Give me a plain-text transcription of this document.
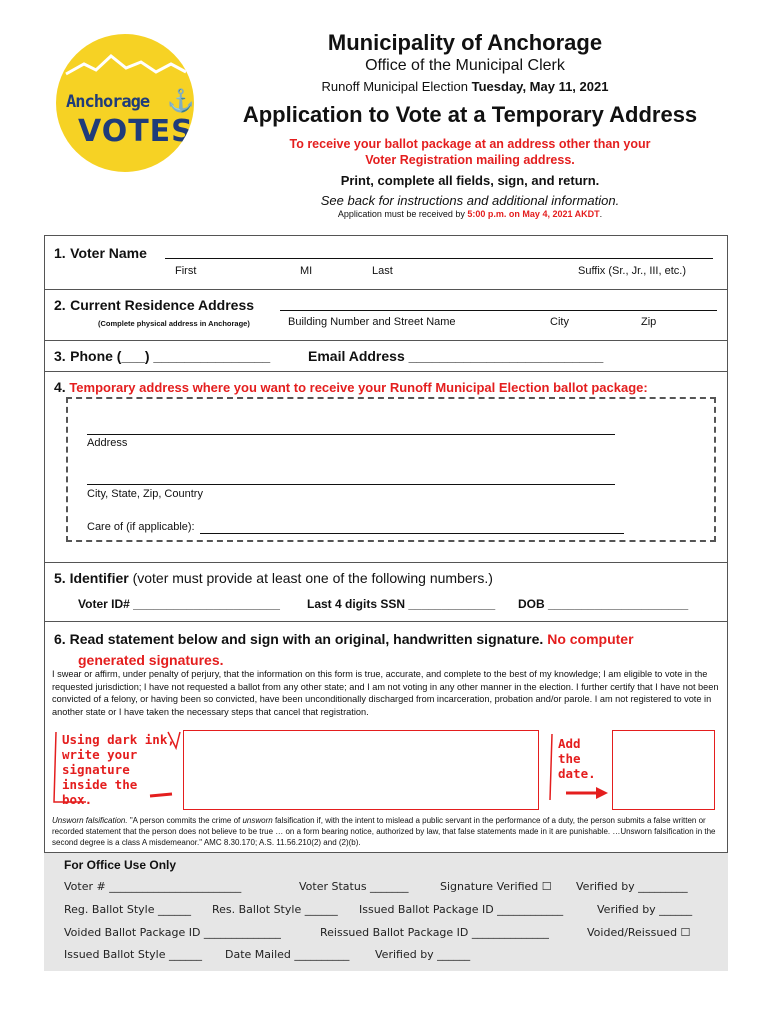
Anchorage ⚓
VOTES
Municipality of Anchorage
Office of the Municipal Clerk
Runoff Municipal Election Tuesday, May 11, 2021
Application to Vote at a Temporary Address
To receive your ballot package at an address other than your
Voter Registration mailing address.
Print, complete all fields, sign, and return.
See back for instructions and additional information.
Application must be received by 5:00 p.m. on May 4, 2021 AKDT.
1. Voter Name
First	MI	Last	Suffix (Sr., Jr., III, etc.)
2. Current Residence Address
(Complete physical address in Anchorage)	Building Number and Street Name	City	Zip
3. Phone (___) _______________	Email Address _________________________
4. Temporary address where you want to receive your Runoff Municipal Election ballot package:
Address
City, State, Zip, Country
Care of (if applicable):
5. Identifier (voter must provide at least one of the following numbers.)
Voter ID# ______________________ Last 4 digits SSN _____________ DOB _____________________
6. Read statement below and sign with an original, handwritten signature. No computer
generated signatures.
I swear or affirm, under penalty of perjury, that the information on this form is true, accurate, and complete to the best of my knowledge; I am eligible to vote in the requested jurisdiction; I have not requested a ballot from any other state; and I am not voting in any other manner in the election. I further certify that I have not been convicted of a felony, or having been so convicted, have been unconditionally discharged from incarceration, probation and/or parole. I am not registered to vote in another state or I have taken the necessary steps that cancel that registration.
Using dark ink,
write your
signature
inside the
box.
Add
the
date.
Unsworn falsification. "A person commits the crime of unsworn falsification if, with the intent to mislead a public servant in the performance of a duty, the person submits a false written or recorded statement that the person does not believe to be true … on a form bearing notice, authorized by law, that false statements made in it are punishable. …Unsworn falsification in the second degree is a class A misdemeanor." AMC 8.30.170; A.S. 11.56.210(2) and (2)(b).
For Office Use Only
Voter # ________________________	Voter Status _______	Signature Verified ☐ Verified by _________
Reg. Ballot Style ______ Res. Ballot Style ______ Issued Ballot Package ID ____________	Verified by ______
Voided Ballot Package ID ______________	Reissued Ballot Package ID ______________	Voided/Reissued ☐
Issued Ballot Style ______ Date Mailed __________ Verified by ______
